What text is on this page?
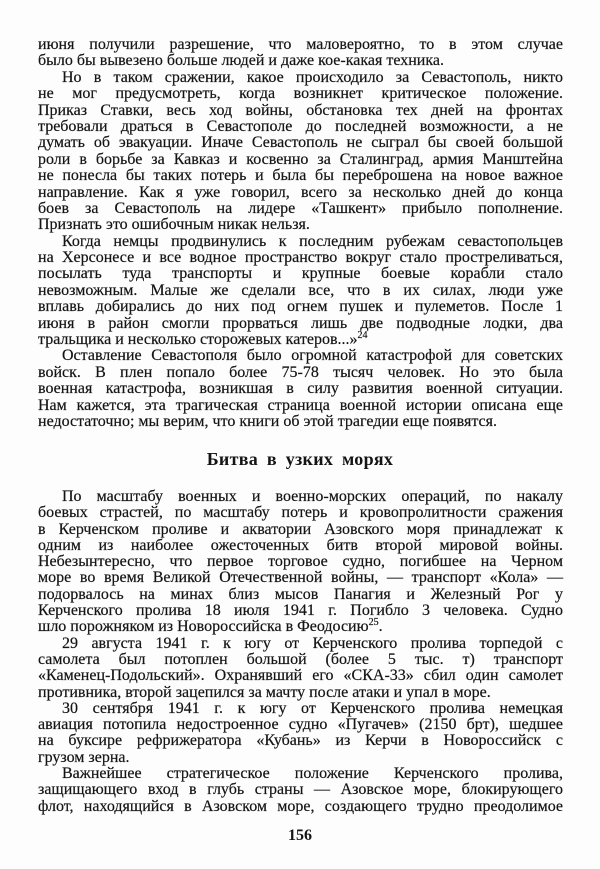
июня получили разрешение, что маловероятно, то в этом случае
было бы вывезено больше людей и даже кое-какая техника.
Но в таком сражении, какое происходило за Севастополь, никто
не мог предусмотреть, когда возникнет критическое положение.
Приказ Ставки, весь ход войны, обстановка тех дней на фронтах
требовали драться в Севастополе до последней возможности, а не
думать об эвакуации. Иначе Севастополь не сыграл бы своей большой
роли в борьбе за Кавказ и косвенно за Сталинград, армия Манштейна
не понесла бы таких потерь и была бы переброшена на новое важное
направление. Как я уже говорил, всего за несколько дней до конца
боев за Севастополь на лидере «Ташкент» прибыло пополнение.
Признать это ошибочным никак нельзя.
Когда немцы продвинулись к последним рубежам севастопольцев
на Херсонесе и все водное пространство вокруг стало простреливаться,
посылать туда транспорты и крупные боевые корабли стало
невозможным. Малые же сделали все, что в их силах, люди уже
вплавь добирались до них под огнем пушек и пулеметов. После 1
июня в район смогли прорваться лишь две подводные лодки, два
тральщика и несколько сторожевых катеров...»$^{24}$
Оставление Севастополя было огромной катастрофой для советских
войск. В плен попало более 75-78 тысяч человек. Но это была
военная катастрофа, возникшая в силу развития военной ситуации.
Нам кажется, эта трагическая страница военной истории описана еще
недостаточно; мы верим, что книги об этой трагедии еще появятся.
Битва в узких морях
По масштабу военных и военно-морских операций, по накалу
боевых страстей, по масштабу потерь и кровопролитности сражения
в Керченском проливе и акватории Азовского моря принадлежат к
одним из наиболее ожесточенных битв второй мировой войны.
Небезынтересно, что первое торговое судно, погибшее на Черном
море во время Великой Отечественной войны, — транспорт «Кола» —
подорвалось на минах близ мысов Панагия и Железный Рог у
Керченского пролива 18 июля 1941 г. Погибло 3 человека. Судно
шло порожняком из Новороссийска в Феодосию$^{25}$.
29 августа 1941 г. к югу от Керченского пролива торпедой с
самолета был потоплен большой (более 5 тыс. т) транспорт
«Каменец-Подольский». Охранявший его «СКА-33» сбил один самолет
противника, второй зацепился за мачту после атаки и упал в море.
30 сентября 1941 г. к югу от Керченского пролива немецкая
авиация потопила недостроенное судно «Пугачев» (2150 брт), шедшее
на буксире рефрижератора «Кубань» из Керчи в Новороссийск с
грузом зерна.
Важнейшее стратегическое положение Керченского пролива,
защищающего вход в глубь страны — Азовское море, блокирующего
флот, находящийся в Азовском море, создающего трудно преодолимое
156
